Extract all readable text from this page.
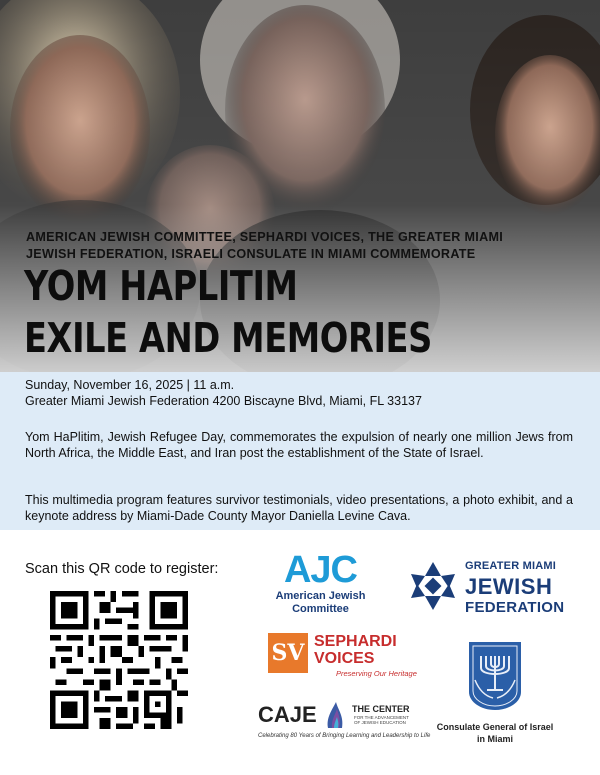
AMERICAN JEWISH COMMITTEE, SEPHARDI VOICES, THE GREATER MIAMI
JEWISH FEDERATION, ISRAELI CONSULATE IN MIAMI COMMEMORATE
YOM HAPLITIM
EXILE AND MEMORIES

Sunday, November 16, 2025 | 11 a.m.

Greater Miami Jewish Federation 4200 Biscayne Blvd, Miami, FL 33137

Yom HaPlitim, Jewish Refugee Day, commemorates the expulsion of nearly one million Jews from North Africa, the Middle East, and Iran post the establishment of the State of Israel.

This multimedia program features survivor testimonials, video presentations, a photo exhibit, and a keynote address by Miami-Dade County Mayor Daniella Levine Cava.

Scan this QR code to register:	AJC
American Jewish
Committee
GREATER MIAMI
JEWISH
FEDERATION
SV SEPHARDI
VOICES
Preserving Our Heritage
CAJE	THE CENTER
FOR THE ADVANCEMENT OF JEWISH EDUCATION
Celebrating 80 Years of Bringing Learning and Leadership to Life
Consulate General of Israel
in Miami
